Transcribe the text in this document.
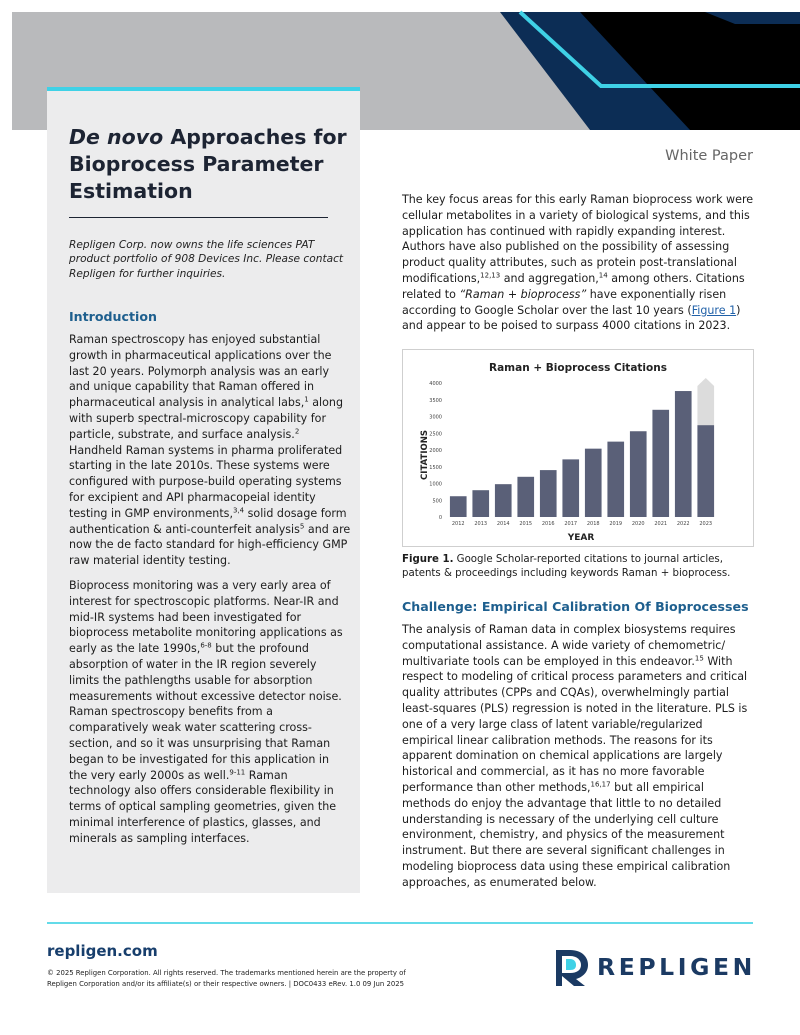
De novo Approaches for Bioprocess Parameter Estimation

Repligen Corp. now owns the life sciences PAT product portfolio of 908 Devices Inc. Please contact Repligen for further inquiries.

Introduction

Raman spectroscopy has enjoyed substantial growth in pharmaceutical applications over the last 20 years. Polymorph analysis was an early and unique capability that Raman offered in pharmaceutical analysis in analytical labs,$^1$ along with superb spectral-microscopy capability for particle, substrate, and surface analysis.$^2$ Handheld Raman systems in pharma proliferated starting in the late 2010s. These systems were configured with purpose-build operating systems for excipient and API pharmacopeial identity testing in GMP environments,$^{3,4}$ solid dosage form authentication & anti-counterfeit analysis$^5$ and are now the de facto standard for high-efficiency GMP raw material identity testing.

Bioprocess monitoring was a very early area of interest for spectroscopic platforms. Near-IR and mid-IR systems had been investigated for bioprocess metabolite monitoring applications as early as the late 1990s,$^{6-8}$ but the profound absorption of water in the IR region severely limits the pathlengths usable for absorption measurements without excessive detector noise. Raman spectroscopy benefits from a comparatively weak water scattering cross-section, and so it was unsurprising that Raman began to be investigated for this application in the very early 2000s as well.$^{9-11}$ Raman technology also offers considerable flexibility in terms of optical sampling geometries, given the minimal interference of plastics, glasses, and minerals as sampling interfaces.

White Paper

The key focus areas for this early Raman bioprocess work were cellular metabolites in a variety of biological systems, and this application has continued with rapidly expanding interest. Authors have also published on the possibility of assessing product quality attributes, such as protein post-translational modifications,$^{12,13}$ and aggregation,$^{14}$ among others. Citations related to “Raman + bioprocess” have exponentially risen according to Google Scholar over the last 10 years (Figure 1) and appear to be poised to surpass 4000 citations in 2023.

Raman + Bioprocess Citations
CITATIONS
YEAR
0
500
1000
1500
2000
2500
3000
3500
4000
2012 2013 2014 2015 2016 2017 2018 2019 2020 2021 2022 2023

Figure 1. Google Scholar-reported citations to journal articles, patents & proceedings including keywords Raman + bioprocess.

Challenge: Empirical Calibration Of Bioprocesses

The analysis of Raman data in complex biosystems requires computational assistance. A wide variety of chemometric/ multivariate tools can be employed in this endeavor.$^{15}$ With respect to modeling of critical process parameters and critical quality attributes (CPPs and CQAs), overwhelmingly partial least-squares (PLS) regression is noted in the literature. PLS is one of a very large class of latent variable/regularized empirical linear calibration methods. The reasons for its apparent domination on chemical applications are largely historical and commercial, as it has no more favorable performance than other methods,$^{16,17}$ but all empirical methods do enjoy the advantage that little to no detailed understanding is necessary of the underlying cell culture environment, chemistry, and physics of the measurement instrument. But there are several significant challenges in modeling bioprocess data using these empirical calibration approaches, as enumerated below.

repligen.com

© 2025 Repligen Corporation. All rights reserved. The trademarks mentioned herein are the property of Repligen Corporation and/or its affiliate(s) or their respective owners. | DOC0433 eRev. 1.0 09 Jun 2025

REPLIGEN
